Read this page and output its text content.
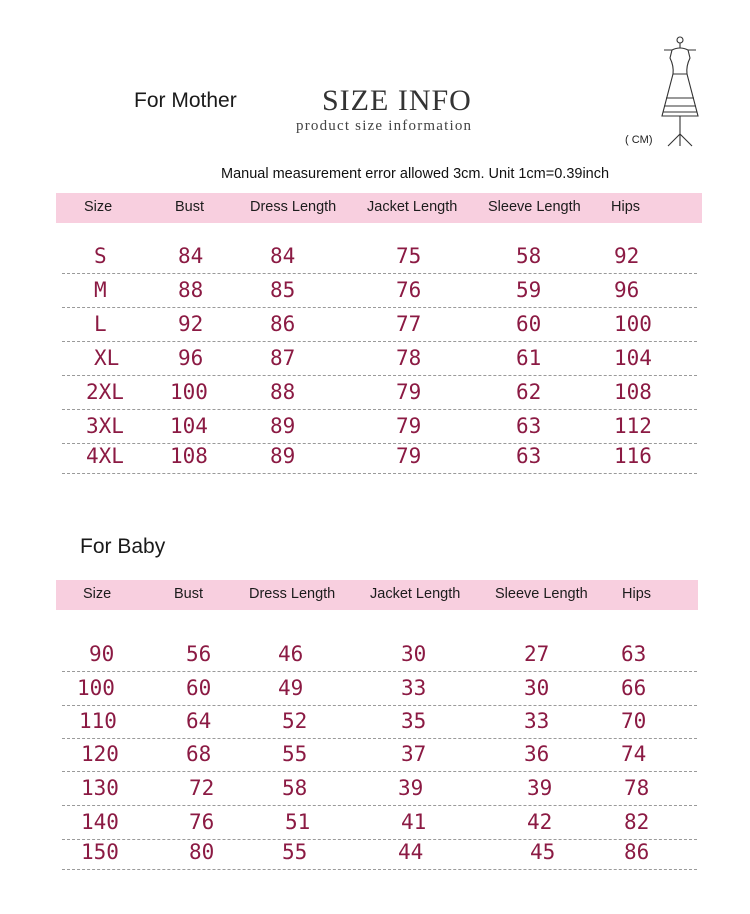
For Mother	SIZE INFO
product size information
( CM)
Manual measurement error allowed 3cm. Unit 1cm=0.39inch
Size	Bust	Dress Length Jacket Length Sleeve Length Hips
S	84	84	75	58	92
M	88	85	76	59	96
L	92	86	77	60	100
XL	96	87	78	61	104
2XL 100	88	79	62	108
3XL 104	89	79	63	112
4XL 108	89	79	63	116
For Baby
Size	Bust	Dress Length Jacket Length Sleeve Length Hips
90	56	46	30	27	63
100	60	49	33	30	66
110	64	52	35	33	70
120	68	55	37	36	74
130	72	58	39	39	78
140	76	51	41	42	82
150	80	55	44	45	86
